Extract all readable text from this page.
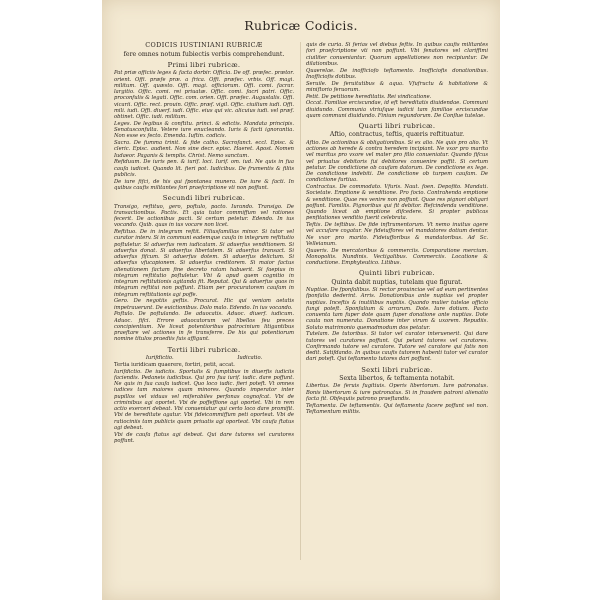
Rubricæ Codicis.
CODICIS IUSTINIANI RUBRICÆ
fere omnes notum fubiectis verbis comprehendunt.
Primi libri rubricæ.

Pat priæ officiis leges & facta dorbir. Officia. De off. præfec. prætor. orient. Offi. præfe præ. a frica. Offi. præfec. vrbis. Off. magi. militum. Off. quæsto. Offi. magi. officiorum. Offi. comi. facrar. largitio. Offic. comi. rei priuatæ. Offic. comi. facri patri. Offic. proconfulis & legati. Offic. com. orien. Offi. præfec. Augustalis. Offi. vicarii. Offic. rect. prouin. Offic. præf. vigil. Offic. ciuilium iudi. Offi. mili. iudi. Offi. diuerf. iudi. Offic. eius qui vic. alicuius iudi. vel præf. obtinet. Offic. iudi. militum.

Leges. De legibus & conftitu. princi. & edictis. Mandata principis. Senatusconfulta. Vetere iure enucleando. Iuris & facti ignorantia. Non esse ex fecto. Emenda. Iuftin. codicis.

Sacra. De fumma trinit. & fide catho. Sacrofanct. eccl. Episc. & cleric. Episc. audient. Non sine decr. episc. Haeret. Apost. Nomen Iudaeor. Paganis & templis. Christ. Nemo sanctum.

Refiduum. De iuris pen. & iurif. loci. Iurif. om. iud. Ne quis in fua caufa iudicet. Quando lit. fieri pot. Iudicibus. De frumentis & filiis publicis.

De iure fifci, de his qui fpontanea munera. De iure & facti. In quibus caufis militantes fori praefcriptione vti non poffunt.

Secundi libri rubricæ.

Transigo, reftituo, gero, poftulo, pacto. Iurando. Transigo. De transactionibus. Pactis. Et quia tutor commiffum vel rationes fecerit. De actionibus pacti. Si certum petetur. Edendo. In ius vocando. Quib. quas in ius vocare non licet.

Reftituo. De in integrum reftit. Filiusfamilias minor. Si tutor vel curator interv. Si in communi eademque caufa in integrum reftitutio poftuletur. Si aduerfus rem iudicatam. Si aduerfus venditionem. Si aduerfus donat. Si aduerfus libertatem. Si aduerfus transact. Si aduerfus fifcum. Si aduerfus dotem. Si aduerfus delictum. Si aduerfus vfucapionem. Si aduerfus creditorem. Si maior factus alienationem factam fine decreto ratam habuerit. Si faepius in integrum reftitutio poftuletur. Vbi & apud quem cognitio in integrum reftitutionis agitanda fit. Reputat. Qui & aduerfus quos in integrum reftitui non poffunt. Etiam per procuratorem caufam in integrum reftitutionis agi poffe.

Gero. De negotiis geftis. Procurat. Hic qui veniam aetatis impetrauerunt. De euictionibus. Dolo malo. Edendo. In ius vocando.

Poftulo. De poftulando. De aduocatis. Aduoc. diuerf. iudicum. Aduoc. fifci. Errore aduocatorum vel libellos feu preces concipientium. Ne liceat potentioribus patrocinium litigantibus praeftare vel actiones in fe transferre. De his qui potentiorum nomine titulos praediis fuis affigunt.

Tertii libri rubricæ.
Iurifdictio.	Iudicatio.

Tertia iuridicam quaerere, fortiri, petit, accat.

Iurifdictio. De iudiciis. Sportulis & fumptibus in diuerfis iudiciis faciendis. Pedaneis iudicibus. Qui pro fua iurif. iudic. dare poffunt. Ne quis in fua caufa iudicet. Quo loco iudic. fieri poteft. Vt omnes iudices tam maiores quam minores. Quando imperator inter pupillos vel viduas vel miferabiles perfonas cognofcat. Vbi de criminibus agi oportet. Vbi de poffeffione agi oportet. Vbi in rem actio exerceri debeat. Vbi conueniatur qui certo loco dare promifit. Vbi de hereditate agatur. Vbi fideicommiffum peti oporteat. Vbi de ratiociniis tam publicis quam priuatis agi oporteat. Vbi caufa ftatus agi debeat.

Vbi de caufa ftatus agi debeat. Qui dare tutores vel curatores poffunt.

quis de curia. Si ferias vel diebus feftis. In quibus caufis militantes fori praefcriptione vti non poffunt. Vbi fenatores vel clariffimi ciuiliter conueniantur. Quorum appellationes non recipiuntur. De dilationibus.

Quaerelae. De inofficiofo teftamento. Inofficiofis donationibus. Inofficiofis dotibus.

Seruile. De feruitutibus & aqua. Vfufructu & habitatione & miniftorio feruorum.

Petit. De petitione hereditatis. Rei vindicatione.

Occat. Familiae erciscundae, id eft hereditatis diuidendae. Communi diuidundo. Communia vtriufque iudicii tam familiae erciscundae quam communi diuidundo. Finium regundorum. De Conflue tutelae.

Quarti libri rubricæ.
Aftio, contractus, teftis, quæris reftituatur.

Aftio. De actionibus & obligationibus. Si ex alio. Ne quis pro alio. Vt actiones ab herede & contra heredem incipiant. Ne vxor pro marito vel maritus pro vxore vel mater pro filio conueniatur. Quando fifcus vel priuatus debitoris fui debitores conuenire poffit. Si certum petatur. De condictione ob caufam datorum. De condictione ex lege. De condictione indebiti. De condictione ob turpem caufam. De condictione furtiua.

Contractus. De commodato. Vfuris. Naut. foen. Depofito. Mandati. Societate. Emptione & venditione. Pro focio. Contrahenda emptione & venditione. Quae res venire non poffunt. Quae res pignori obligari poffunt. Familiis. Pignoribus qui fit debitor. Refcindenda venditione. Quando liceat ab emptione difcedere. Si propter publicas penfitationes venditio fuerit celebrata.

Teftis. De teftibus. De fide inftrumentorum. Vt nemo inuitus agere vel accufare cogatur. Ne fideiuffores vel mandatores dotium dentur. Ne vxor pro marito. Fideiufforibus & mandatoribus. Ad Sc. Velleianum.

Quaeris. De mercatoribus & commerciis. Comparatione mercium. Monopoliis. Nundinis. Vectigalibus. Commerciis. Locatione & conductione. Emphyteutico. Litibus.

Quinti libri rubricæ.
Quinta dabit nuptias, tutelam que figurat.

Nuptiae. De fponfalibus. Si rector prouinciae vel ad eum pertinentes fponfalia dederint. Arris. Donationibus ante nuptias vel propter nuptias. Inceftis & inutilibus nuptiis. Quando mulier tutelae officio fungi poteft. Sponfalium & arrarum. Dote. Iure dotium. Pacto conuenta tam fuper dote quam fuper donatione ante nuptias. Dote cauta non numerata. Donatione inter virum & uxorem. Repudiis. Soluto matrimonio quemadmodum dos petatur.

Tutelam. De tutoribus. Si tutor vel curator interuenerit. Qui dare tutores vel curatores poffunt. Qui petant tutores vel curatores. Confirmando tutore vel curatore. Tutore vel curatore qui fatis non dedit. Satifdando. In quibus caufis tutorem habenti tutor vel curator dari poteft. Qui teftamento tutores dari poffunt.

Sexti libri rubricæ.
Sexta libertos, & teftamenta notabit.

Libertus. De feruis fugitiuis. Operis libertorum. Iure patronatus. Bonis libertorum & iure patronatus. Si in fraudem patroni alienatio facta fit. Obfequiis patrono praeftandis.

Teftamenta. De teftamentis. Qui teftamenta facere poffunt vel non. Teftamentum militis.
